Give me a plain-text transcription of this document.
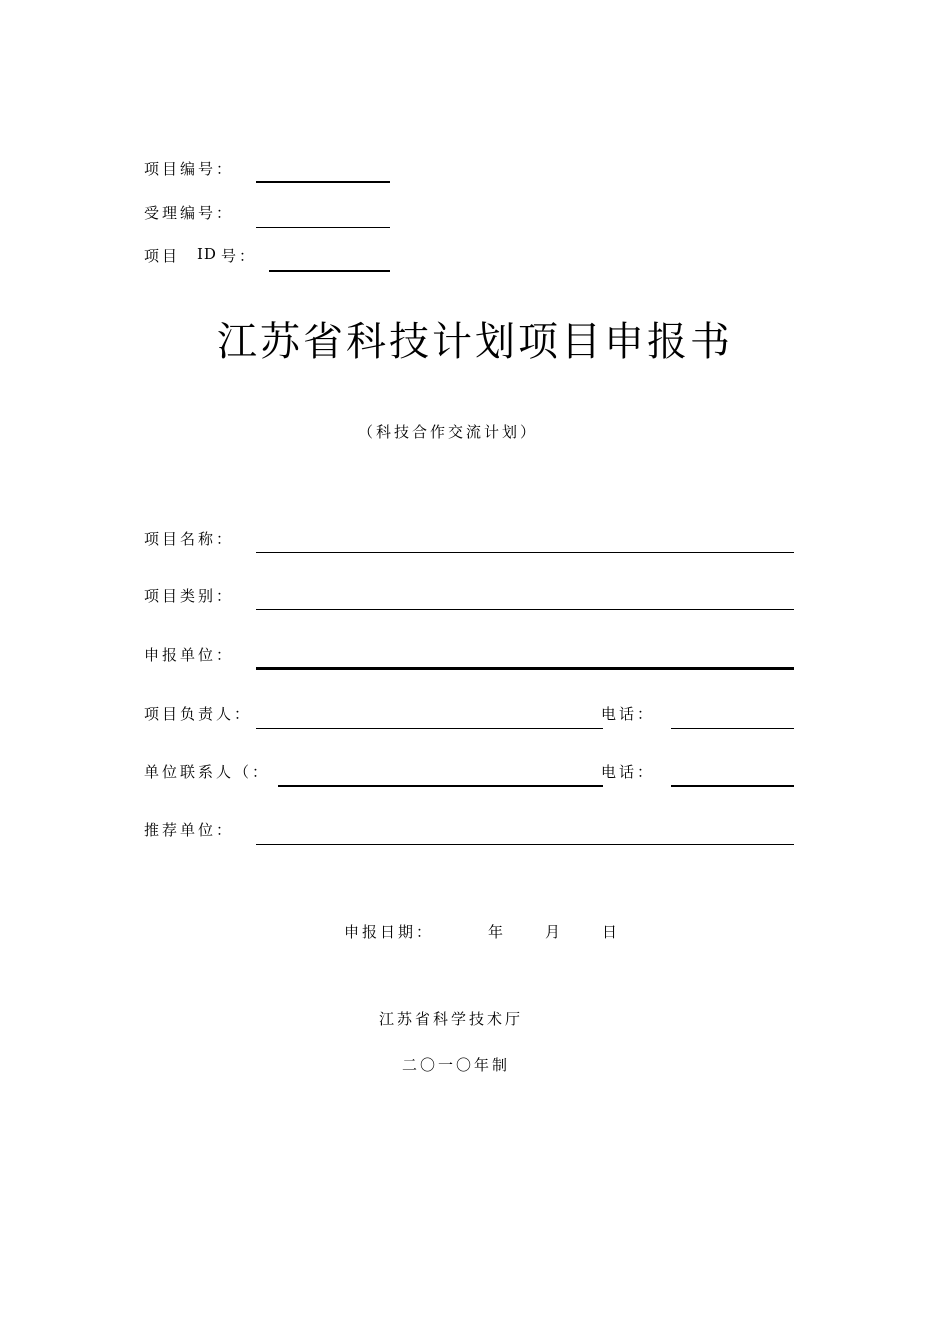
项目编号：
受理编号：
项目 ID 号：
江苏省科技计划项目申报书
（科技合作交流计划）
项目名称：
项目类别：
申报单位：
项目负责人：	电话：
单位联系人（：	电话：
推荐单位：
申报日期：	年	月	日
江苏省科学技术厅
二〇一〇年制
